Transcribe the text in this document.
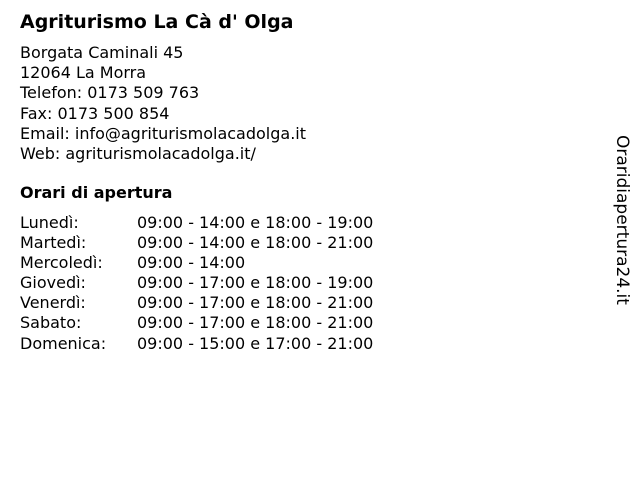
Agriturismo La Cà d' Olga
Borgata Caminali 45
12064 La Morra
Telefon: 0173 509 763
Fax: 0173 500 854
Email: info@agriturismolacadolga.it
Web: agriturismolacadolga.it/
Orari di apertura
Lunedì:	09:00 - 14:00 e 18:00 - 19:00
Martedì:	09:00 - 14:00 e 18:00 - 21:00
Mercoledì: 09:00 - 14:00
Giovedì:	09:00 - 17:00 e 18:00 - 19:00
Venerdì:	09:00 - 17:00 e 18:00 - 21:00
Sabato:	09:00 - 17:00 e 18:00 - 21:00
Domenica: 09:00 - 15:00 e 17:00 - 21:00
Oraridiapertura24.it
